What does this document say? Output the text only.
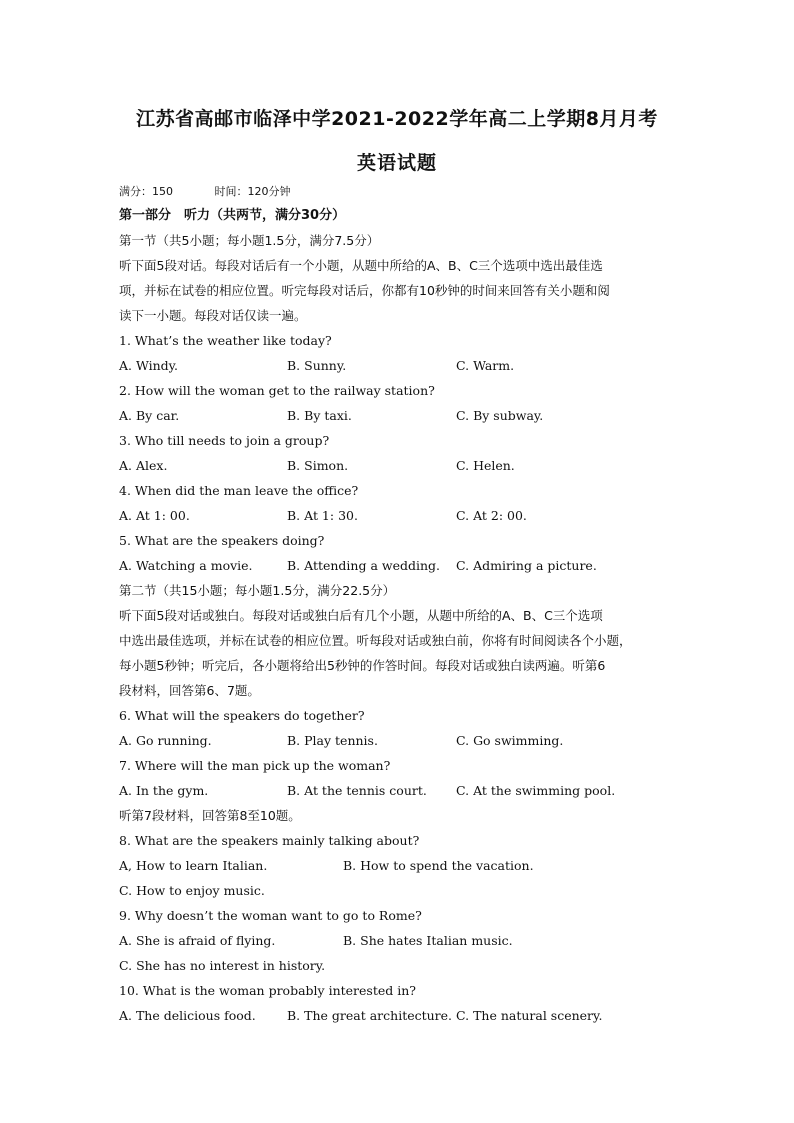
江苏省高邮市临泽中学2021-2022学年高二上学期8月月考
英语试题
满分：150	时间：120分钟
第一部分　听力（共两节，满分30分）
第一节（共5小题；每小题1.5分，满分7.5分）
听下面5段对话。每段对话后有一个小题，从题中所给的A、B、C三个选项中选出最佳选
项，并标在试卷的相应位置。听完每段对话后，你都有10秒钟的时间来回答有关小题和阅
读下一小题。每段对话仅读一遍。
1. What’s the weather like today?
A. Windy.	B. Sunny.	C. Warm.
2. How will the woman get to the railway station?
A. By car.	B. By taxi.	C. By subway.
3. Who till needs to join a group?
A. Alex.	B. Simon.	C. Helen.
4. When did the man leave the office?
A. At 1: 00.	B. At 1: 30.	C. At 2: 00.
5. What are the speakers doing?
A. Watching a movie.	B. Attending a wedding. C. Admiring a picture.
第二节（共15小题；每小题1.5分，满分22.5分）
听下面5段对话或独白。每段对话或独白后有几个小题，从题中所给的A、B、C三个选项
中选出最佳选项，并标在试卷的相应位置。听每段对话或独白前，你将有时间阅读各个小题，
每小题5秒钟；听完后，各小题将给出5秒钟的作答时间。每段对话或独白读两遍。听第6
段材料，回答第6、7题。
6. What will the speakers do together?
A. Go running.	B. Play tennis.	C. Go swimming.
7. Where will the man pick up the woman?
A. In the gym.	B. At the tennis court. C. At the swimming pool.
听第7段材料，回答第8至10题。
8. What are the speakers mainly talking about?
A, How to learn Italian.	B. How to spend the vacation.
C. How to enjoy music.
9. Why doesn’t the woman want to go to Rome?
A. She is afraid of flying.	B. She hates Italian music.
C. She has no interest in history.
10. What is the woman probably interested in?
A. The delicious food.	B. The great architecture. C. The natural scenery.
